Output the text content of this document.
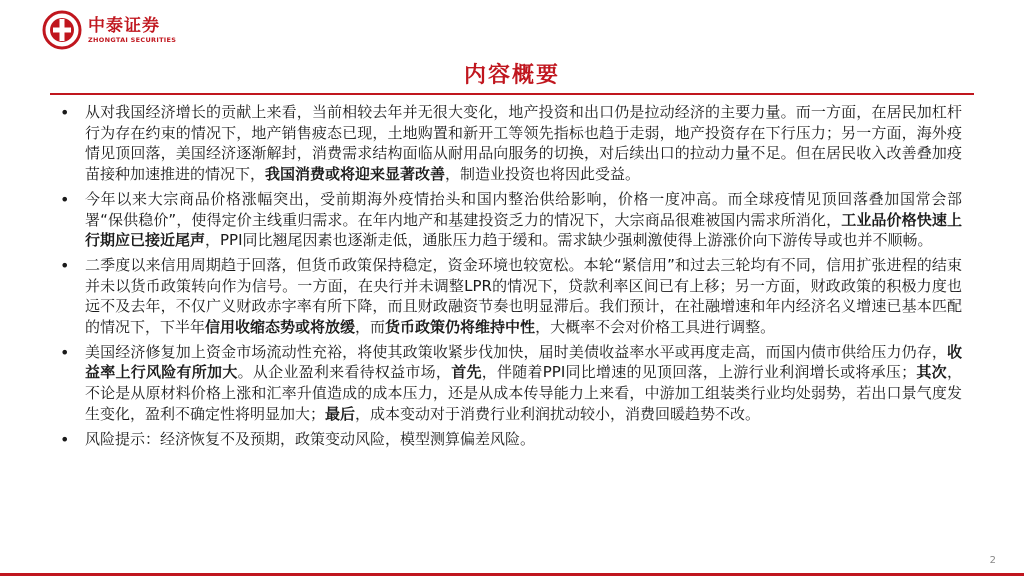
中泰证券
ZHONGTAI SECURITIES
内容概要
• 从对我国经济增长的贡献上来看，当前相较去年并无很大变化，地产投资和出口仍是拉动经济的主要力量。而一方面，在居民加杠杆行为存在约束的情况下，地产销售疲态已现，土地购置和新开工等领先指标也趋于走弱，地产投资存在下行压力；另一方面，海外疫情见顶回落，美国经济逐渐解封，消费需求结构面临从耐用品向服务的切换，对后续出口的拉动力量不足。但在居民收入改善叠加疫苗接种加速推进的情况下，我国消费或将迎来显著改善，制造业投资也将因此受益。
• 今年以来大宗商品价格涨幅突出，受前期海外疫情抬头和国内整治供给影响，价格一度冲高。而全球疫情见顶回落叠加国常会部署“保供稳价”，使得定价主线重归需求。在年内地产和基建投资乏力的情况下，大宗商品很难被国内需求所消化，工业品价格快速上行期应已接近尾声，PPI同比翘尾因素也逐渐走低，通胀压力趋于缓和。需求缺少强刺激使得上游涨价向下游传导或也并不顺畅。
• 二季度以来信用周期趋于回落，但货币政策保持稳定，资金环境也较宽松。本轮“紧信用”和过去三轮均有不同，信用扩张进程的结束并未以货币政策转向作为信号。一方面，在央行并未调整LPR的情况下，贷款利率区间已有上移；另一方面，财政政策的积极力度也远不及去年，不仅广义财政赤字率有所下降，而且财政融资节奏也明显滞后。我们预计，在社融增速和年内经济名义增速已基本匹配的情况下，下半年信用收缩态势或将放缓，而货币政策仍将维持中性，大概率不会对价格工具进行调整。
• 美国经济修复加上资金市场流动性充裕，将使其政策收紧步伐加快，届时美债收益率水平或再度走高，而国内债市供给压力仍存，收益率上行风险有所加大。从企业盈利来看待权益市场，首先，伴随着PPI同比增速的见顶回落，上游行业利润增长或将承压；其次，不论是从原材料价格上涨和汇率升值造成的成本压力，还是从成本传导能力上来看，中游加工组装类行业均处弱势，若出口景气度发生变化，盈利不确定性将明显加大；最后，成本变动对于消费行业利润扰动较小，消费回暖趋势不改。
• 风险提示：经济恢复不及预期，政策变动风险，模型测算偏差风险。
2
